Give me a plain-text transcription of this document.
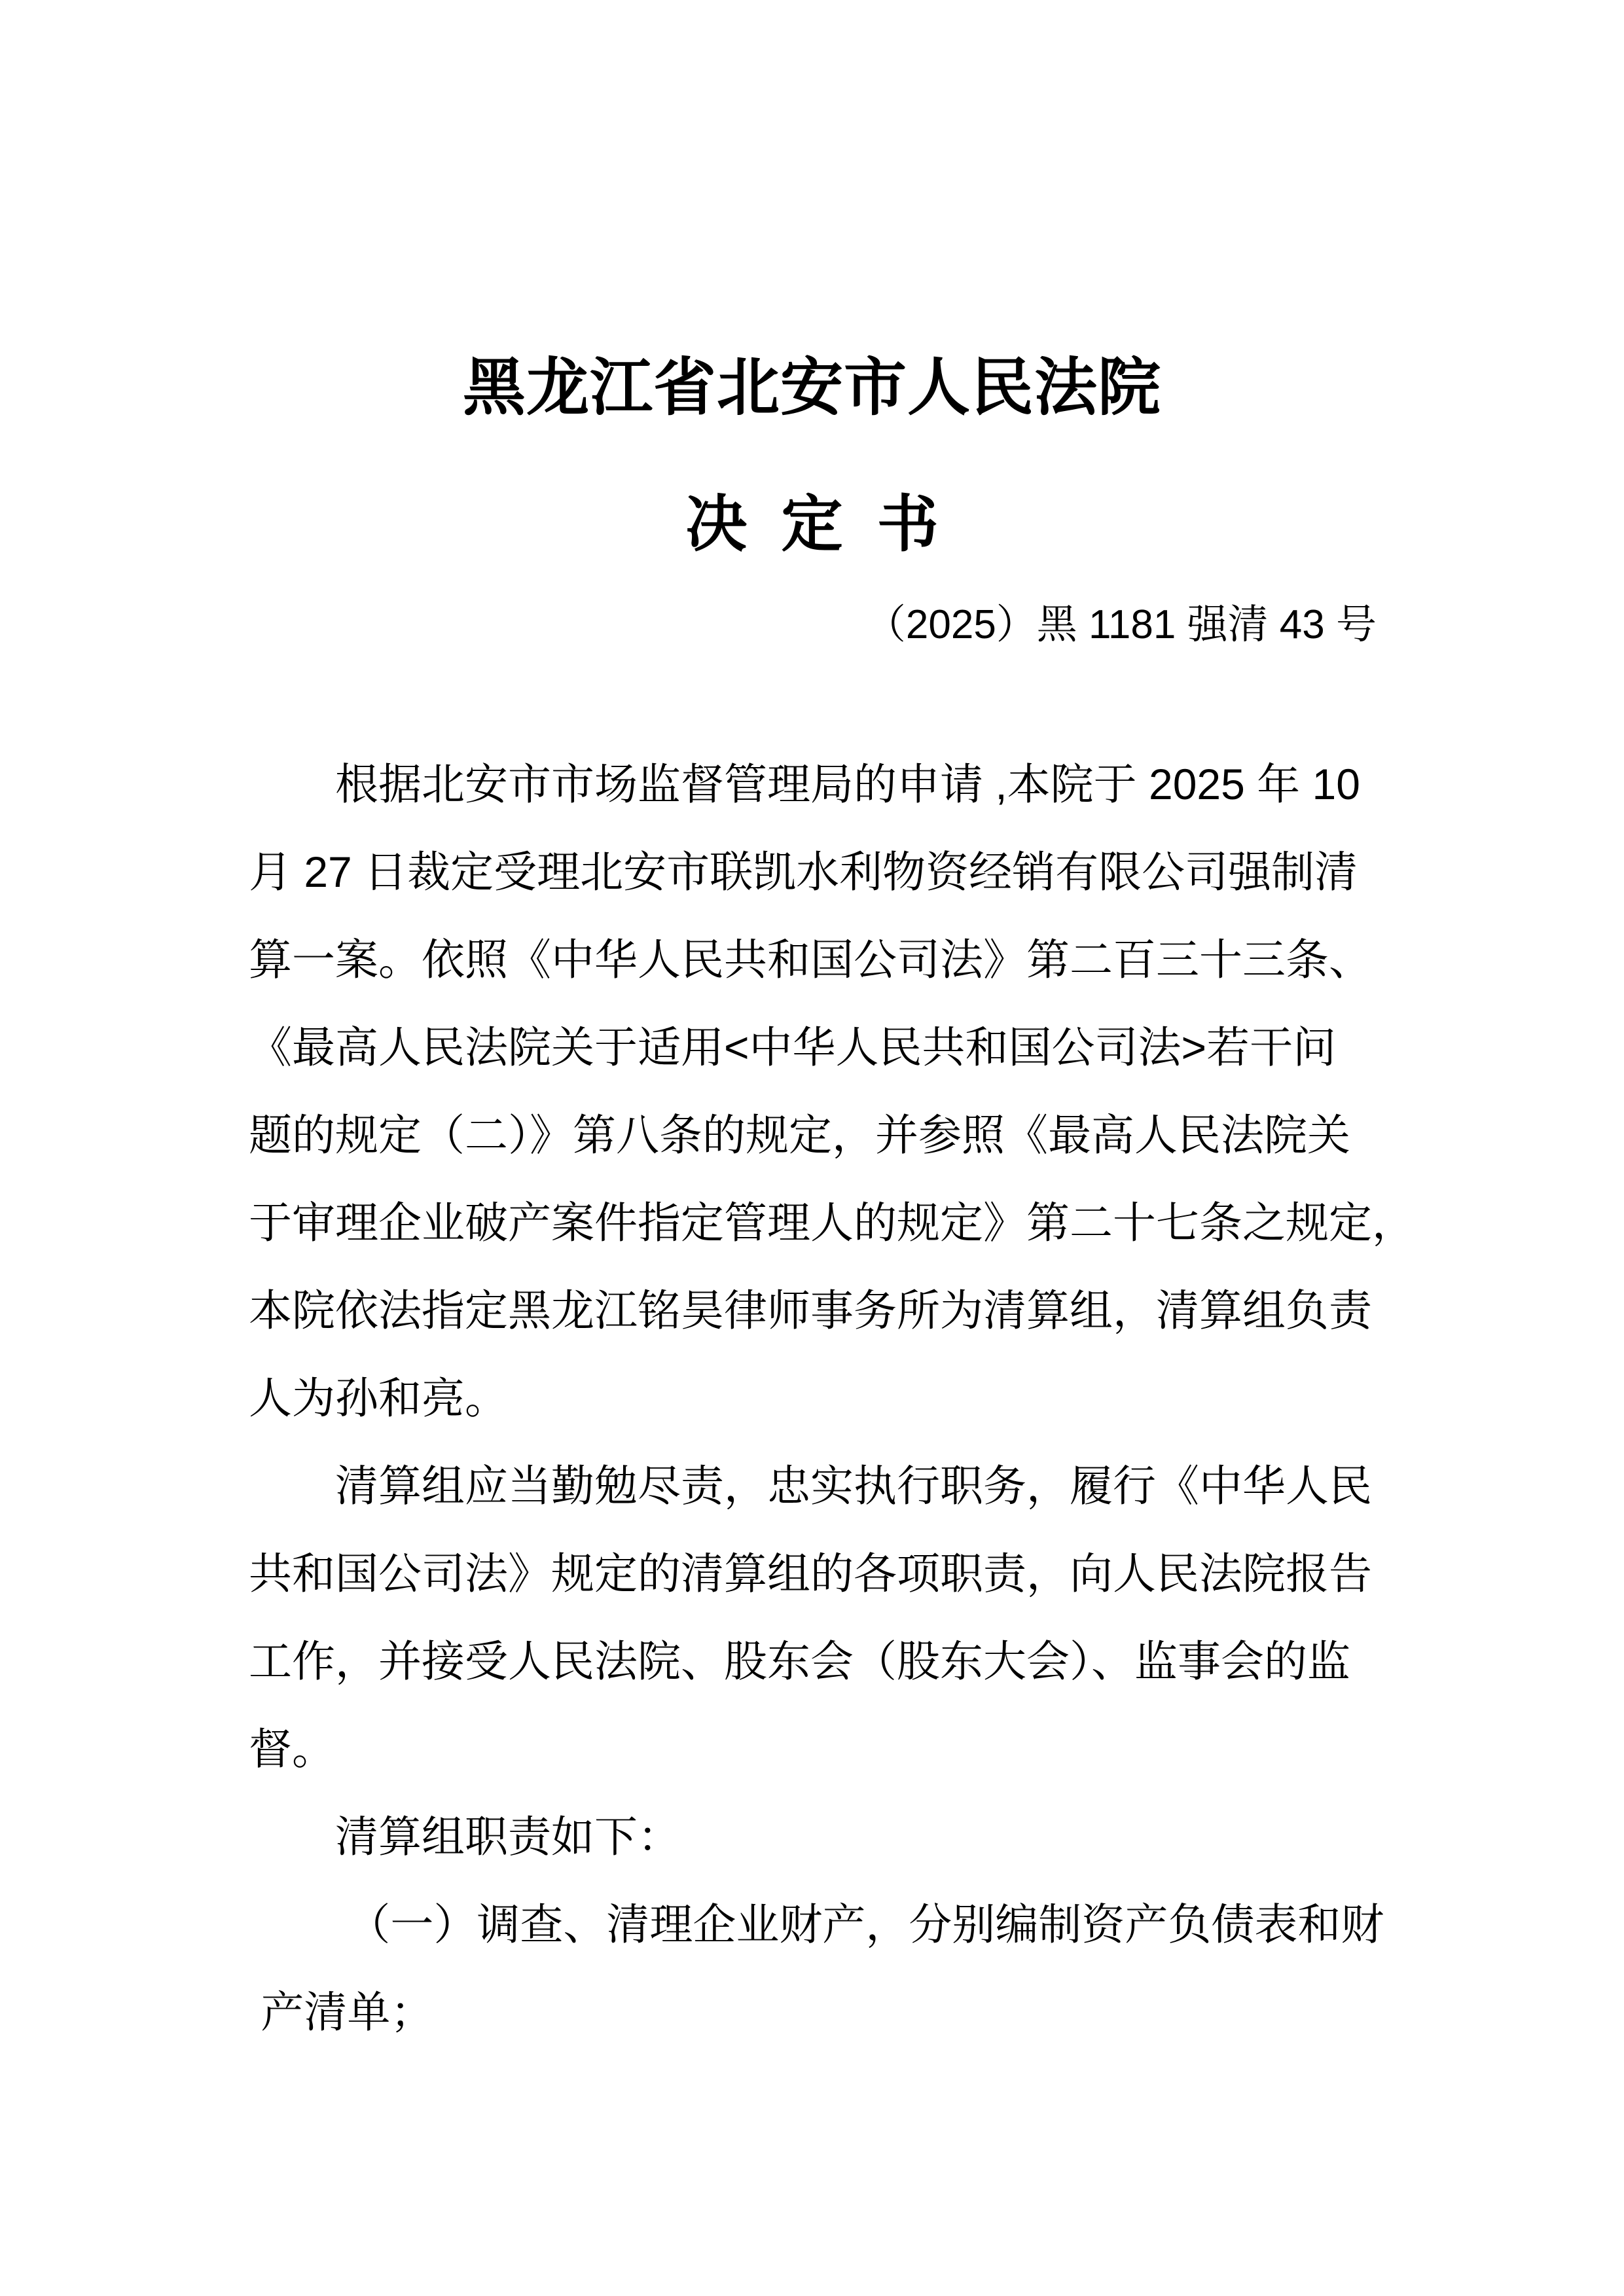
黑龙江省北安市人民法院
决  定  书
（2025）黑 1181 强清 43 号
　　根据北安市市场监督管理局的申请 ,本院于 2025 年 10
月 27 日裁定受理北安市联凯水利物资经销有限公司强制清
算一案。依照《中华人民共和国公司法》第二百三十三条、
《最高人民法院关于适用<中华人民共和国公司法>若干问
题的规定（二）》第八条的规定，并参照《最高人民法院关
于审理企业破产案件指定管理人的规定》第二十七条之规定，
本院依法指定黑龙江铭昊律师事务所为清算组，清算组负责
人为孙和亮。
　　清算组应当勤勉尽责，忠实执行职务，履行《中华人民
共和国公司法》规定的清算组的各项职责，向人民法院报告
工作，并接受人民法院、股东会（股东大会）、监事会的监
督。
　　清算组职责如下：
　　 （一）调查、清理企业财产，分别编制资产负债表和财
产清单；
